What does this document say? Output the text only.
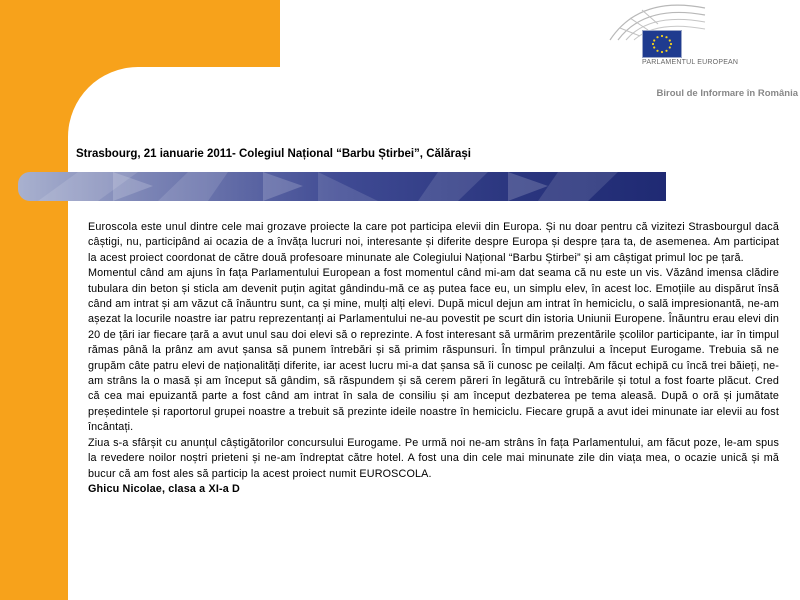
PARLAMENTUL EUROPEAN
Biroul de Informare în România
Strasbourg, 21 ianuarie 2011- Colegiul Național “Barbu Știrbei”, Călărași

Euroscola este unul dintre cele mai grozave proiecte la care pot participa elevii din Europa. Și nu doar pentru că vizitezi Strasbourgul dacă câștigi, nu, participând ai ocazia de a învăța lucruri noi, interesante și diferite despre Europa și despre țara ta, de asemenea. Am participat la acest proiect coordonat de către două profesoare minunate ale Colegiului Național “Barbu Știrbei” și am câștigat primul loc pe țară.

Momentul când am ajuns în fața Parlamentului European a fost momentul când mi-am dat seama că nu este un vis. Văzând imensa clădire tubulara din beton și sticla am devenit puțin agitat gândindu-mă ce aș putea face eu, un simplu elev, în acest loc. Emoțiile au dispărut însă când am intrat și am văzut că înăuntru sunt, ca și mine, mulți alți elevi. După micul dejun am intrat în hemiciclu, o sală impresionantă, ne-am așezat la locurile noastre iar patru reprezentanți ai Parlamentului ne-au povestit pe scurt din istoria Uniunii Europene. Înăuntru erau elevi din 20 de țări iar fiecare țară a avut unul sau doi elevi să o reprezinte. A fost interesant să urmărim prezentările școlilor participante, iar în timpul rămas până la prânz am avut șansa să punem întrebări și să primim răspunsuri. În timpul prânzului a început Eurogame. Trebuia să ne grupăm câte patru elevi de naționalități diferite, iar acest lucru mi-a dat șansa să îi cunosc pe ceilalți. Am făcut echipă cu încă trei băieți, ne-am strâns la o masă și am început să gândim, să răspundem și să cerem păreri în legătură cu întrebările și totul a fost foarte plăcut. Cred că cea mai epuizantă parte a fost când am intrat în sala de consiliu și am început dezbaterea pe tema aleasă. După o oră și jumătate președintele și raportorul grupei noastre a trebuit să prezinte ideile noastre în hemiciclu. Fiecare grupă a avut idei minunate iar elevii au fost încântați.

Ziua s-a sfârșit cu anunțul câștigătorilor concursului Eurogame. Pe urmă noi ne-am strâns în fața Parlamentului, am făcut poze, le-am spus la revedere noilor noștri prieteni și ne-am îndreptat către hotel. A fost una din cele mai minunate zile din viața mea, o ocazie unică și mă bucur că am fost ales să particip la acest proiect numit EUROSCOLA.

Ghicu Nicolae, clasa a XI-a D
